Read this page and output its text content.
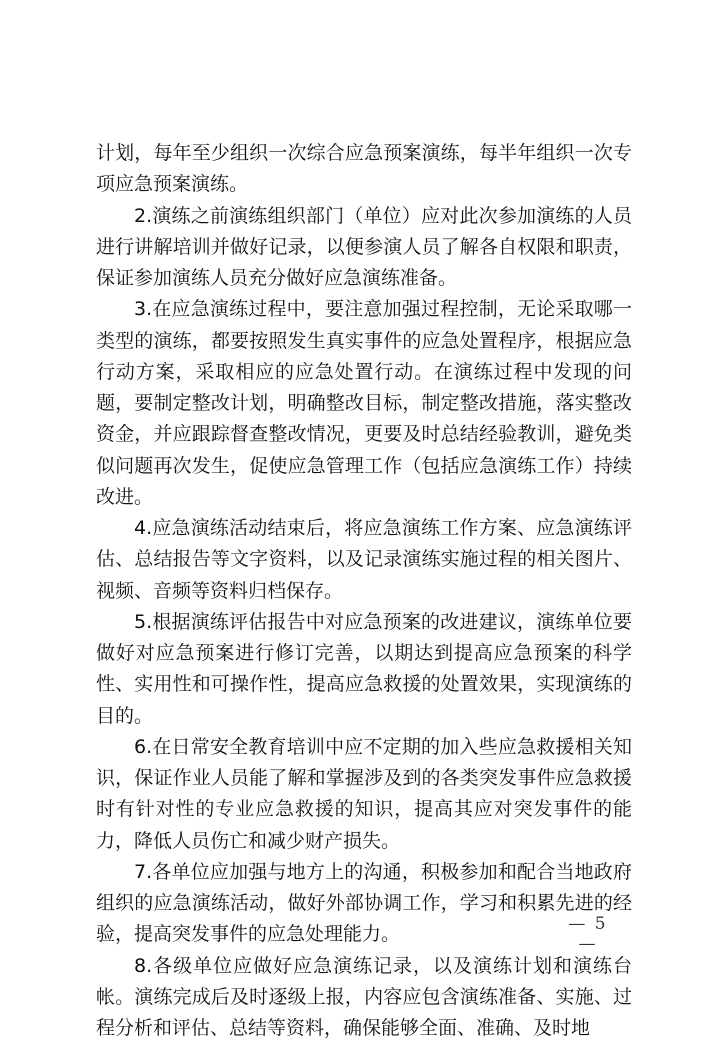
计划，每年至少组织一次综合应急预案演练，每半年组织一次专项应急预案演练。

2.演练之前演练组织部门（单位）应对此次参加演练的人员进行讲解培训并做好记录，以便参演人员了解各自权限和职责，保证参加演练人员充分做好应急演练准备。

3.在应急演练过程中，要注意加强过程控制，无论采取哪一类型的演练，都要按照发生真实事件的应急处置程序，根据应急行动方案，采取相应的应急处置行动。在演练过程中发现的问题，要制定整改计划，明确整改目标，制定整改措施，落实整改资金，并应跟踪督查整改情况，更要及时总结经验教训，避免类似问题再次发生，促使应急管理工作（包括应急演练工作）持续改进。

4.应急演练活动结束后，将应急演练工作方案、应急演练评估、总结报告等文字资料，以及记录演练实施过程的相关图片、视频、音频等资料归档保存。

5.根据演练评估报告中对应急预案的改进建议，演练单位要做好对应急预案进行修订完善，以期达到提高应急预案的科学性、实用性和可操作性，提高应急救援的处置效果，实现演练的目的。

6.在日常安全教育培训中应不定期的加入些应急救援相关知识，保证作业人员能了解和掌握涉及到的各类突发事件应急救援时有针对性的专业应急救援的知识，提高其应对突发事件的能力，降低人员伤亡和减少财产损失。

7.各单位应加强与地方上的沟通，积极参加和配合当地政府组织的应急演练活动，做好外部协调工作，学习和积累先进的经验，提高突发事件的应急处理能力。

8.各级单位应做好应急演练记录，以及演练计划和演练台帐。演练完成后及时逐级上报，内容应包含演练准备、实施、过程分析和评估、总结等资料，确保能够全面、准确、及时地

— 5 —
